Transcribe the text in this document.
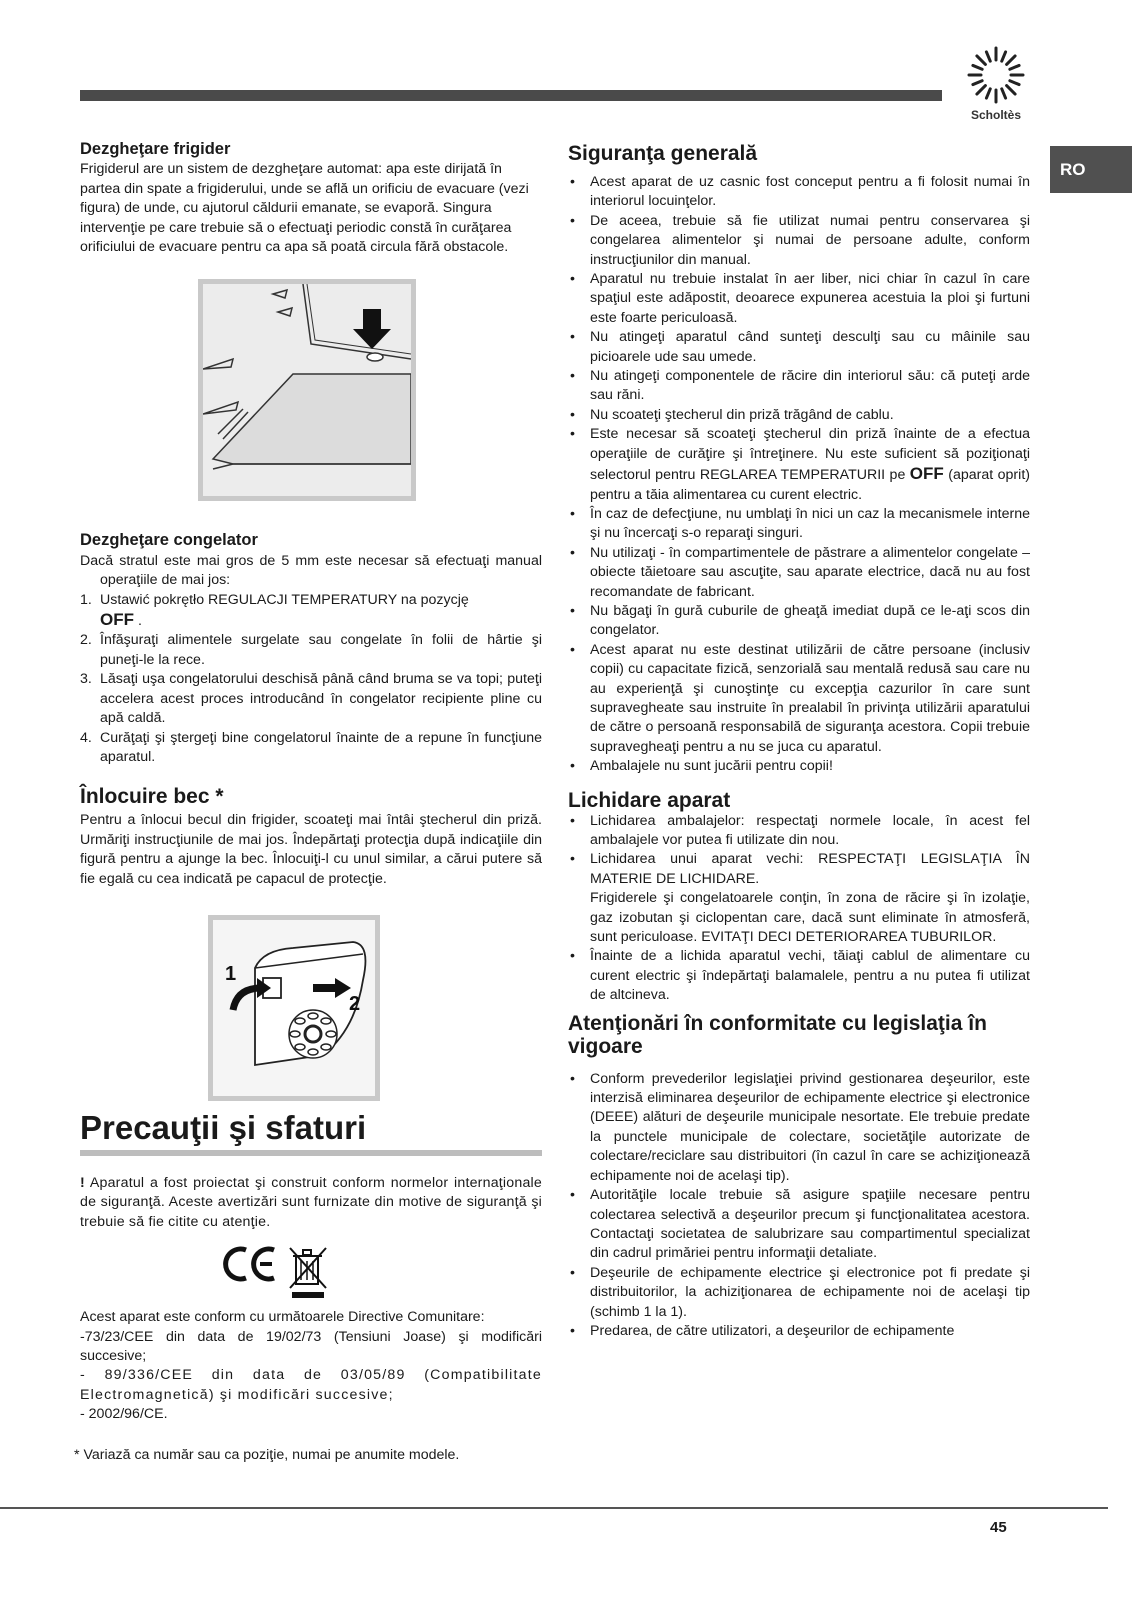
Scholtès
RO
Dezgheţare frigider

Frigiderul are un sistem de dezgheţare automat: apa este dirijată în partea din spate a frigiderului, unde se află un orificiu de evacuare (vezi figura) de unde, cu ajutorul căldurii emanate, se evaporă. Singura intervenţie pe care trebuie să o efectuaţi periodic constă în curăţarea orificiului de evacuare pentru ca apa să poată circula fără obstacole.

Dezgheţare congelator

Dacă stratul este mai gros de 5 mm este necesar să efectuaţi manual operaţiile de mai jos:

1. Ustawić pokrętło REGULACJI TEMPERATURY na pozycję
OFF .
2. Înfăşuraţi alimentele surgelate sau congelate în folii de hârtie şi puneţi-le la rece.
3. Lăsaţi uşa congelatorului deschisă până când bruma se va topi; puteţi accelera acest proces introducând în congelator recipiente pline cu apă caldă.
4. Curăţaţi şi ştergeţi bine congelatorul înainte de a repune în funcţiune aparatul.
Înlocuire bec *

Pentru a înlocui becul din frigider, scoateţi mai întâi ştecherul din priză. Urmăriţi instrucţiunile de mai jos. Îndepărtaţi protecţia după indicaţiile din figură pentru a ajunge la bec. Înlocuiţi-l cu unul similar, a cărui putere să fie egală cu cea indicată pe capacul de protecţie.

1
2
Precauţii şi sfaturi

! Aparatul a fost proiectat şi construit conform normelor internaţionale de siguranţă. Aceste avertizări sunt furnizate din motive de siguranţă şi trebuie să fie citite cu atenţie.

Acest aparat este conform cu următoarele Directive Comunitare:

-73/23/CEE din data de 19/02/73 (Tensiuni Joase) şi modificări succesive;

- 89/336/CEE din data de 03/05/89 (Compatibilitate Electromagnetică) şi modificări succesive;

- 2002/96/CE.

Siguranţa generală
• Acest aparat de uz casnic fost conceput pentru a fi folosit numai în interiorul locuinţelor.
• De aceea, trebuie să fie utilizat numai pentru conservarea şi congelarea alimentelor şi numai de persoane adulte, conform instrucţiunilor din manual.
• Aparatul nu trebuie instalat în aer liber, nici chiar în cazul în care spaţiul este adăpostit, deoarece expunerea acestuia la ploi şi furtuni este foarte periculoasă.
• Nu atingeţi aparatul când sunteţi desculţi sau cu mâinile sau picioarele ude sau umede.
• Nu atingeţi componentele de răcire din interiorul său: că puteţi arde sau răni.
• Nu scoateţi ştecherul din priză trăgând de cablu.
• Este necesar să scoateţi ştecherul din priză înainte de a efectua operaţiile de curăţire şi întreţinere. Nu este suficient să poziţionaţi selectorul pentru REGLAREA TEMPERATURII pe OFF (aparat oprit) pentru a tăia alimentarea cu curent electric.
• În caz de defecţiune, nu umblaţi în nici un caz la mecanismele interne şi nu încercaţi s-o reparaţi singuri.
• Nu utilizaţi - în compartimentele de păstrare a alimentelor congelate – obiecte tăietoare sau ascuţite, sau aparate electrice, dacă nu au fost recomandate de fabricant.
• Nu băgaţi în gură cuburile de gheaţă imediat după ce le-aţi scos din congelator.
• Acest aparat nu este destinat utilizării de către persoane (inclusiv copii) cu capacitate fizică, senzorială sau mentală redusă sau care nu au experienţă şi cunoştinţe cu excepţia cazurilor în care sunt supravegheate sau instruite în prealabil în privinţa utilizării aparatului de către o persoană responsabilă de siguranţa acestora. Copii trebuie supravegheaţi pentru a nu se juca cu aparatul.
• Ambalajele nu sunt jucării pentru copii!
Lichidare aparat
• Lichidarea ambalajelor: respectaţi normele locale, în acest fel ambalajele vor putea fi utilizate din nou.
• Lichidarea unui aparat vechi: RESPECTAŢI LEGISLAŢIA ÎN MATERIE DE LICHIDARE.
Frigiderele şi congelatoarele conţin, în zona de răcire şi în izolaţie, gaz izobutan şi ciclopentan care, dacă sunt eliminate în atmosferă, sunt periculoase. EVITAŢI DECI DETERIORAREA TUBURILOR.
• Înainte de a lichida aparatul vechi, tăiaţi cablul de alimentare cu curent electric şi îndepărtaţi balamalele, pentru a nu putea fi utilizat de altcineva.
Atenţionări în conformitate cu legislaţia în vigoare
• Conform prevederilor legislaţiei privind gestionarea deşeurilor, este interzisă eliminarea deşeurilor de echipamente electrice şi electronice (DEEE) alături de deşeurile municipale nesortate. Ele trebuie predate la punctele municipale de colectare, societăţile autorizate de colectare/reciclare sau distribuitori (în cazul în care se achiziţionează echipamente noi de acelaşi tip).
• Autorităţile locale trebuie să asigure spaţiile necesare pentru colectarea selectivă a deşeurilor precum şi funcţionalitatea acestora. Contactaţi societatea de salubrizare sau compartimentul specializat din cadrul primăriei pentru informaţii detaliate.
• Deşeurile de echipamente electrice şi electronice pot fi predate şi distribuitorilor, la achiziţionarea de echipamente noi de acelaşi tip (schimb 1 la 1).
• Predarea, de către utilizatori, a deşeurilor de echipamente
* Variază ca număr sau ca poziţie, numai pe anumite modele.
45
